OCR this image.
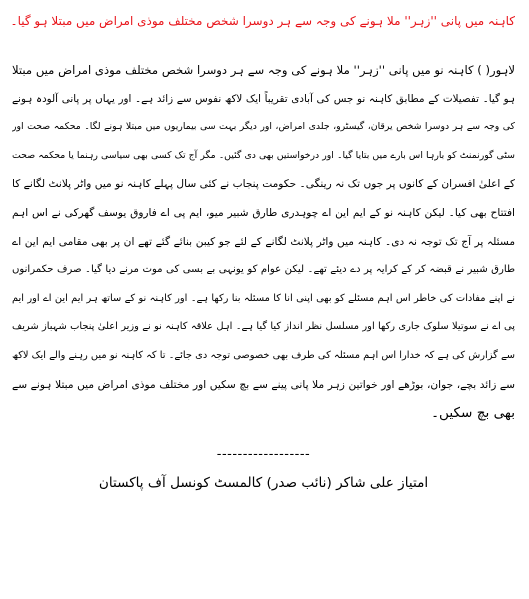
کاہنہ میں پانی ''زہر'' ملا ہونے کی وجہ سے ہر دوسرا شخص مختلف موذی امراض میں مبتلا ہو گیا۔
لاہور( ) کاہنہ نو میں پانی ''زہر'' ملا ہونے کی وجہ سے ہر دوسرا شخص مختلف موذی امراض میں مبتلا
ہو گیا۔ تفصیلات کے مطابق کاہنہ نو جس کی آبادی تقریباً ایک لاکھ نفوس سے زائد ہے۔ اور یہاں پر پانی آلودہ ہونے
کی وجہ سے ہر دوسرا شخص یرقان، گیسٹرو، جلدی امراض، اور دیگر بہت سی بیماریوں میں مبتلا ہونے لگا۔ محکمہ صحت اور
سٹی گورنمنٹ کو بارہا اس بارے میں بتایا گیا۔ اور درخواستیں بھی دی گئیں۔ مگر آج تک کسی بھی سیاسی رہنما یا محکمہ صحت
کے اعلیٰ افسران کے کانوں پر جوں تک نہ رینگی۔ حکومت پنجاب نے کئی سال پہلے کاہنہ نو میں واٹر پلانٹ لگانے کا
افتتاح بھی کیا۔ لیکن کاہنہ نو کے ایم این اے چوہدری طارق شبیر میو، ایم پی اے فاروق یوسف گھرکی نے اس اہم
مسئلہ پر آج تک توجہ نہ دی۔ کاہنہ میں واٹر پلانٹ لگانے کے لئے جو کیبن بنائے گئے تھے ان پر بھی مقامی ایم این اے
طارق شبیر نے قبضہ کر کے کرایہ پر دے دیئے تھے۔ لیکن عوام کو یونہی بے بسی کی موت مرنے دیا گیا۔ صرف حکمرانوں
نے اپنے مفادات کی خاطر اس اہم مسئلے کو بھی اپنی انا کا مسئلہ بنا رکھا ہے۔ اور کاہنہ نو کے ساتھ ہر ایم این اے اور ایم
پی اے نے سوتیلا سلوک جاری رکھا اور مسلسل نظر انداز کیا گیا ہے۔ اہل علاقہ کاہنہ نو نے وزیر اعلیٰ پنجاب شہباز شریف
سے گزارش کی ہے کہ خدارا اس اہم مسئلہ کی طرف بھی خصوصی توجہ دی جائے۔ تا کہ کاہنہ نو میں رہنے والے ایک لاکھ
سے زائد بچے، جوان، بوڑھے اور خواتین زہر ملا پانی پینے سے بچ سکیں اور مختلف موذی امراض میں مبتلا ہونے سے
بھی بچ سکیں۔
------------------
امتیاز علی شاکر (نائب صدر) کالمسٹ کونسل آف پاکستان
